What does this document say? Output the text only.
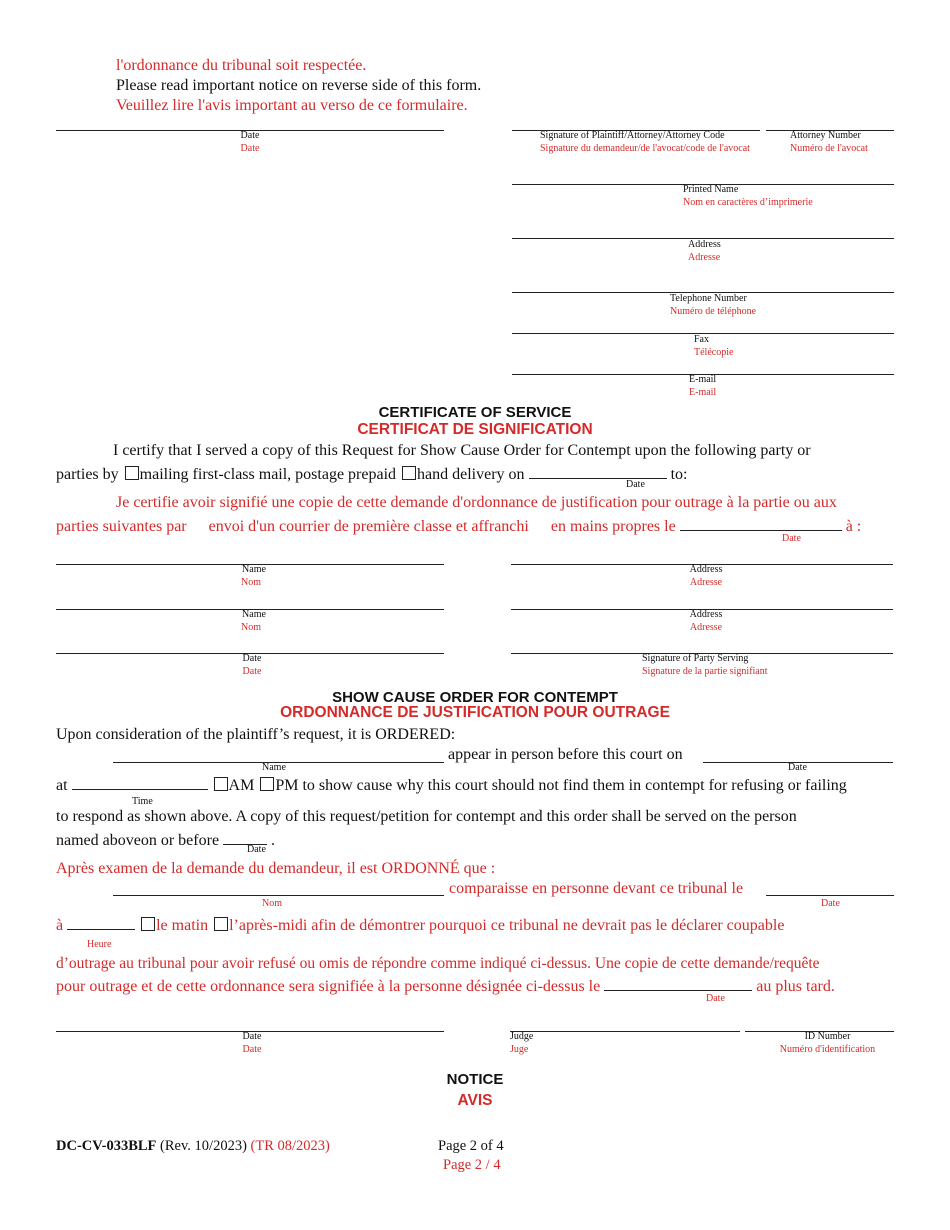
l'ordonnance du tribunal soit respectée.
Please read important notice on reverse side of this form.
Veuillez lire l'avis important au verso de ce formulaire.
Date
Date
Signature of Plaintiff/Attorney/Attorney Code
Signature du demandeur/de l'avocat/code de l'avocat
Attorney Number
Numéro de l'avocat
Printed Name
Nom en caractères d’imprimerie
Address
Adresse
Telephone Number
Numéro de téléphone
Fax
Télécopie
E-mail
E-mail
CERTIFICATE OF SERVICE
CERTIFICAT DE SIGNIFICATION
I certify that I served a copy of this Request for Show Cause Order for Contempt upon the following party or
parties by mailing first-class mail, postage prepaid hand delivery on	to:
Date
Je certifie avoir signifié une copie de cette demande d'ordonnance de justification pour outrage à la partie ou aux
parties suivantes par envoi d'un courrier de première classe et affranchi en mains propres le	à :
Date
Name
Nom
Address
Adresse
Name
Nom
Address
Adresse
Date
Date
Signature of Party Serving
Signature de la partie signifiant
SHOW CAUSE ORDER FOR CONTEMPT
ORDONNANCE DE JUSTIFICATION POUR OUTRAGE
Upon consideration of the plaintiff’s request, it is ORDERED:
appear in person before this court on
Name	Date
at	AM PM to show cause why this court should not find them in contempt for refusing or failing
Time
to respond as shown above. A copy of this request/petition for contempt and this order shall be served on the person
named aboveon or before	.
Date
Après examen de la demande du demandeur, il est ORDONNÉ que :
comparaisse en personne devant ce tribunal le
Nom	Date
à	le matin l’après-midi afin de démontrer pourquoi ce tribunal ne devrait pas le déclarer coupable
Heure
d’outrage au tribunal pour avoir refusé ou omis de répondre comme indiqué ci-dessus. Une copie de cette demande/requête
pour outrage et de cette ordonnance sera signifiée à la personne désignée ci-dessus le	au plus tard.
Date
Date
Date
Judge
Juge
ID Number
Numéro d'identification
NOTICE
AVIS
DC-CV-033BLF (Rev. 10/2023) (TR 08/2023)	Page 2 of 4
Page 2 / 4
